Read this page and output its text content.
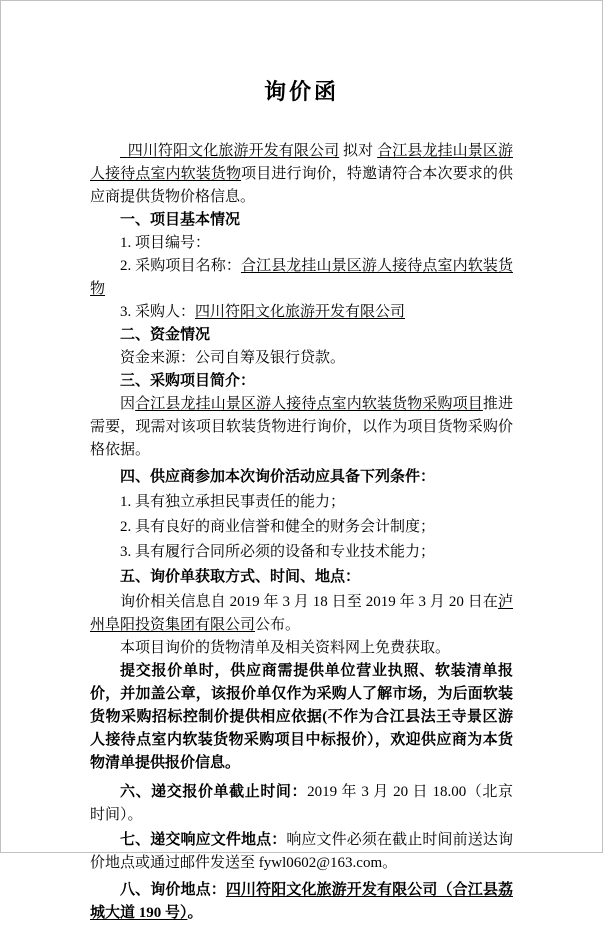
询价函

四川符阳文化旅游开发有限公司 拟对 合江县龙挂山景区游人接待点室内软装货物项目进行询价，特邀请符合本次要求的供应商提供货物价格信息。

一、项目基本情况

1. 项目编号：

2. 采购项目名称：合江县龙挂山景区游人接待点室内软装货物

3. 采购人：四川符阳文化旅游开发有限公司

二、资金情况

资金来源：公司自筹及银行贷款。

三、采购项目简介：

因合江县龙挂山景区游人接待点室内软装货物采购项目推进需要，现需对该项目软装货物进行询价，以作为项目货物采购价格依据。

四、供应商参加本次询价活动应具备下列条件：

1. 具有独立承担民事责任的能力；

2. 具有良好的商业信誉和健全的财务会计制度；

3. 具有履行合同所必须的设备和专业技术能力；

五、询价单获取方式、时间、地点：

询价相关信息自 2019 年 3 月 18 日至 2019 年 3 月 20 日在泸州阜阳投资集团有限公司公布。

本项目询价的货物清单及相关资料网上免费获取。

提交报价单时，供应商需提供单位营业执照、软装清单报价，并加盖公章，该报价单仅作为采购人了解市场，为后面软装货物采购招标控制价提供相应依据(不作为合江县法王寺景区游人接待点室内软装货物采购项目中标报价），欢迎供应商为本货物清单提供报价信息。

六、递交报价单截止时间：2019 年 3 月 20 日 18.00（北京时间）。

七、递交响应文件地点：响应文件必须在截止时间前送达询价地点或通过邮件发送至 fywl0602@163.com。

八、询价地点：四川符阳文化旅游开发有限公司（合江县荔城大道 190 号）。
